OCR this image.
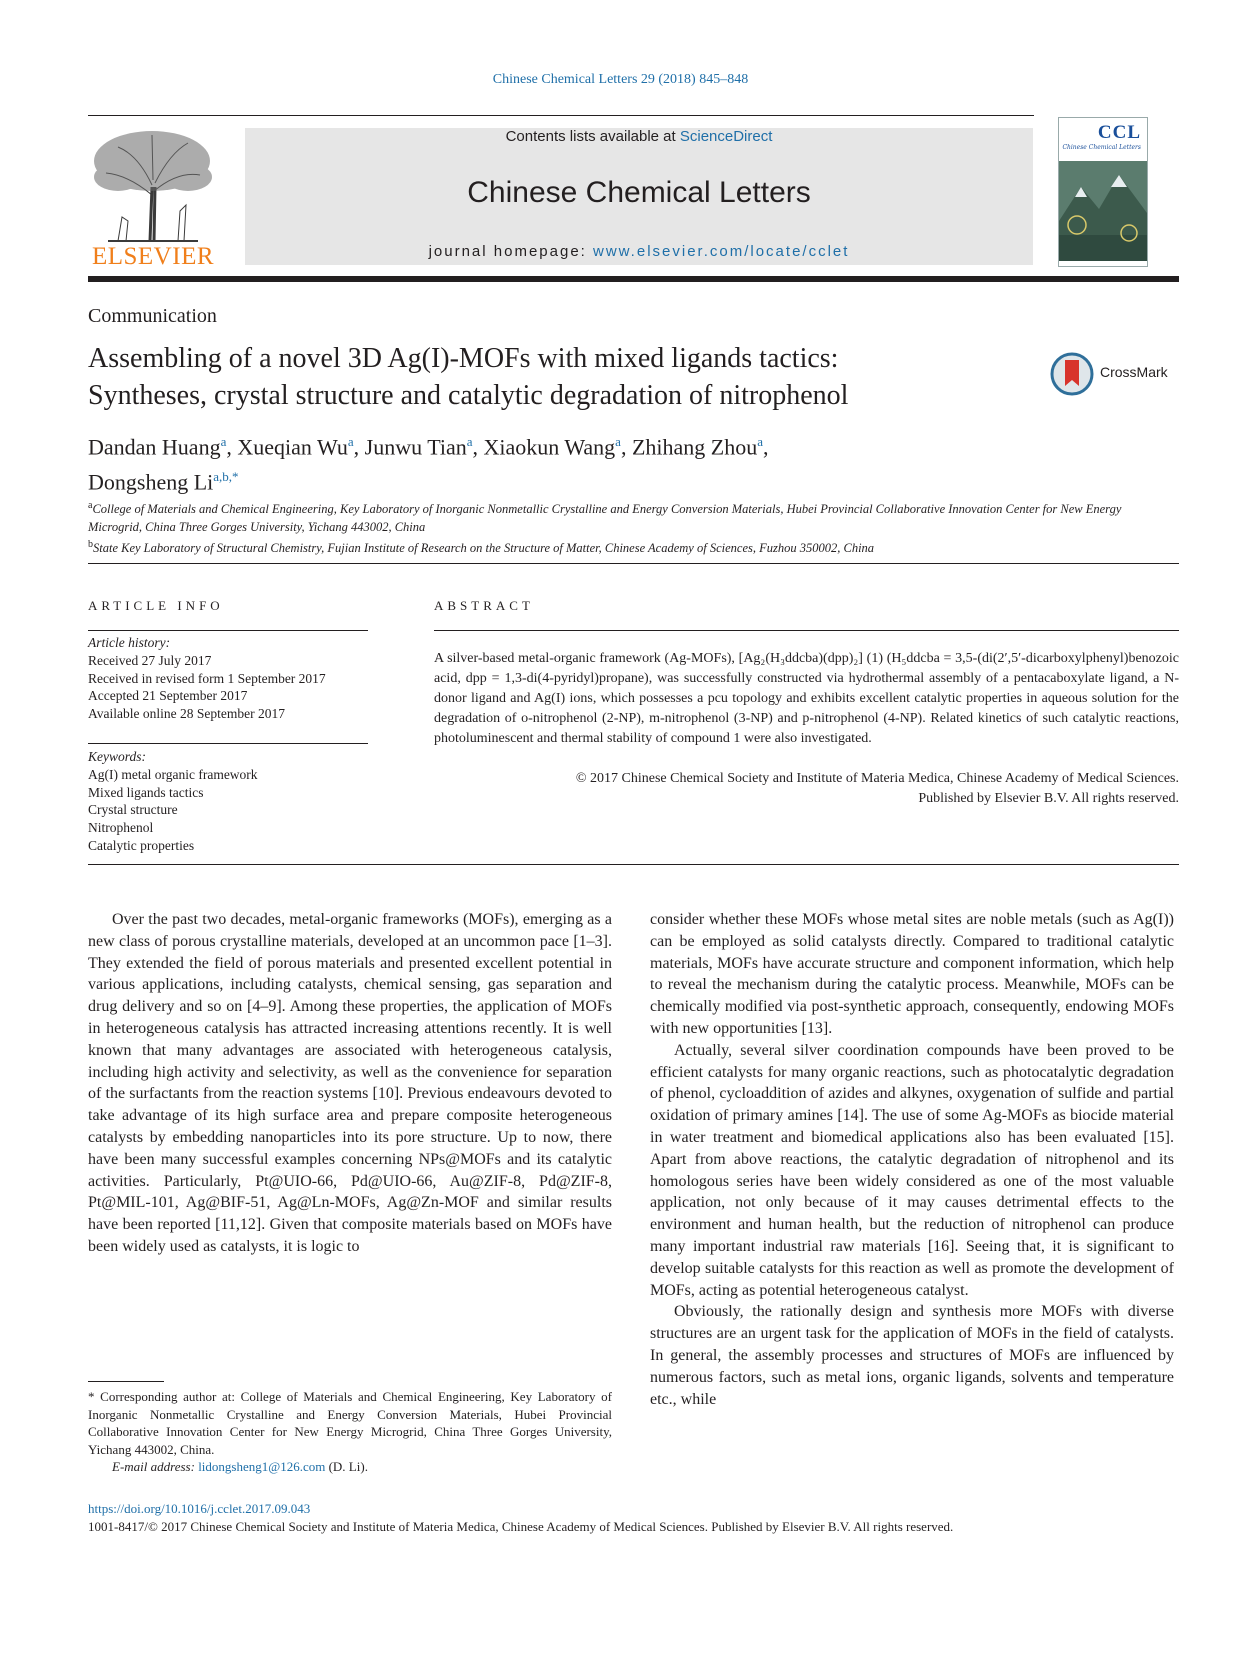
Chinese Chemical Letters 29 (2018) 845–848
ELSEVIER
Contents lists available at ScienceDirect
Chinese Chemical Letters
journal homepage: www.elsevier.com/locate/cclet
CCL
Chinese Chemical Letters
Communication
Assembling of a novel 3D Ag(I)-MOFs with mixed ligands tactics:
Syntheses, crystal structure and catalytic degradation of nitrophenol
CrossMark
Dandan Huang$^a$, Xueqian Wu$^a$, Junwu Tian$^a$, Xiaokun Wang$^a$, Zhihang Zhou$^a$,
Dongsheng $Li^{a,b,*}$
$^a$College of Materials and Chemical Engineering, Key Laboratory of Inorganic Nonmetallic Crystalline and Energy Conversion Materials, Hubei Provincial Collaborative Innovation Center for New Energy Microgrid, China Three Gorges University, Yichang 443002, China
$^b$State Key Laboratory of Structural Chemistry, Fujian Institute of Research on the Structure of Matter, Chinese Academy of Sciences, Fuzhou 350002, China
ARTICLE INFO
Article history:
Received 27 July 2017
Received in revised form 1 September 2017
Accepted 21 September 2017
Available online 28 September 2017
Keywords:
Ag(I) metal organic framework
Mixed ligands tactics
Crystal structure
Nitrophenol
Catalytic properties
ABSTRACT
A silver-based metal-organic framework (Ag-MOFs), [Ag₂(H₃ddcba)(dpp)₂] (1) (H₅ddcba = 3,5-(di(2′,5′-dicarboxylphenyl)benozoic acid, dpp = 1,3-di(4-pyridyl)propane), was successfully constructed via hydrothermal assembly of a pentacaboxylate ligand, a N-donor ligand and Ag(I) ions, which possesses a pcu topology and exhibits excellent catalytic properties in aqueous solution for the degradation of o-nitrophenol (2-NP), m-nitrophenol (3-NP) and p-nitrophenol (4-NP). Related kinetics of such catalytic reactions, photoluminescent and thermal stability of compound 1 were also investigated.
© 2017 Chinese Chemical Society and Institute of Materia Medica, Chinese Academy of Medical Sciences.
Published by Elsevier B.V. All rights reserved.

Over the past two decades, metal-organic frameworks (MOFs), emerging as a new class of porous crystalline materials, developed at an uncommon pace [1–3]. They extended the field of porous materials and presented excellent potential in various applications, including catalysts, chemical sensing, gas separation and drug delivery and so on [4–9]. Among these properties, the application of MOFs in heterogeneous catalysis has attracted increasing attentions recently. It is well known that many advantages are associated with heterogeneous catalysis, including high activity and selectivity, as well as the convenience for separation of the surfactants from the reaction systems [10]. Previous endeavours devoted to take advantage of its high surface area and prepare composite heterogeneous catalysts by embedding nanoparticles into its pore structure. Up to now, there have been many successful examples concerning NPs@MOFs and its catalytic activities. Particularly, Pt@UIO-66, Pd@UIO-66, Au@ZIF-8, Pd@ZIF-8, Pt@MIL-101, Ag@BIF-51, Ag@Ln-MOFs, Ag@Zn-MOF and similar results have been reported [11,12]. Given that composite materials based on MOFs have been widely used as catalysts, it is logic to

consider whether these MOFs whose metal sites are noble metals (such as Ag(I)) can be employed as solid catalysts directly. Compared to traditional catalytic materials, MOFs have accurate structure and component information, which help to reveal the mechanism during the catalytic process. Meanwhile, MOFs can be chemically modified via post-synthetic approach, consequently, endowing MOFs with new opportunities [13].

Actually, several silver coordination compounds have been proved to be efficient catalysts for many organic reactions, such as photocatalytic degradation of phenol, cycloaddition of azides and alkynes, oxygenation of sulfide and partial oxidation of primary amines [14]. The use of some Ag-MOFs as biocide material in water treatment and biomedical applications also has been evaluated [15]. Apart from above reactions, the catalytic degradation of nitrophenol and its homologous series have been widely considered as one of the most valuable application, not only because of it may causes detrimental effects to the environment and human health, but the reduction of nitrophenol can produce many important industrial raw materials [16]. Seeing that, it is significant to develop suitable catalysts for this reaction as well as promote the development of MOFs, acting as potential heterogeneous catalyst.

Obviously, the rationally design and synthesis more MOFs with diverse structures are an urgent task for the application of MOFs in the field of catalysts. In general, the assembly processes and structures of MOFs are influenced by numerous factors, such as metal ions, organic ligands, solvents and temperature etc., while

* Corresponding author at: College of Materials and Chemical Engineering, Key Laboratory of Inorganic Nonmetallic Crystalline and Energy Conversion Materials, Hubei Provincial Collaborative Innovation Center for New Energy Microgrid, China Three Gorges University, Yichang 443002, China.
E-mail address: lidongsheng1@126.com (D. Li).
https://doi.org/10.1016/j.cclet.2017.09.043
1001-8417/© 2017 Chinese Chemical Society and Institute of Materia Medica, Chinese Academy of Medical Sciences. Published by Elsevier B.V. All rights reserved.
